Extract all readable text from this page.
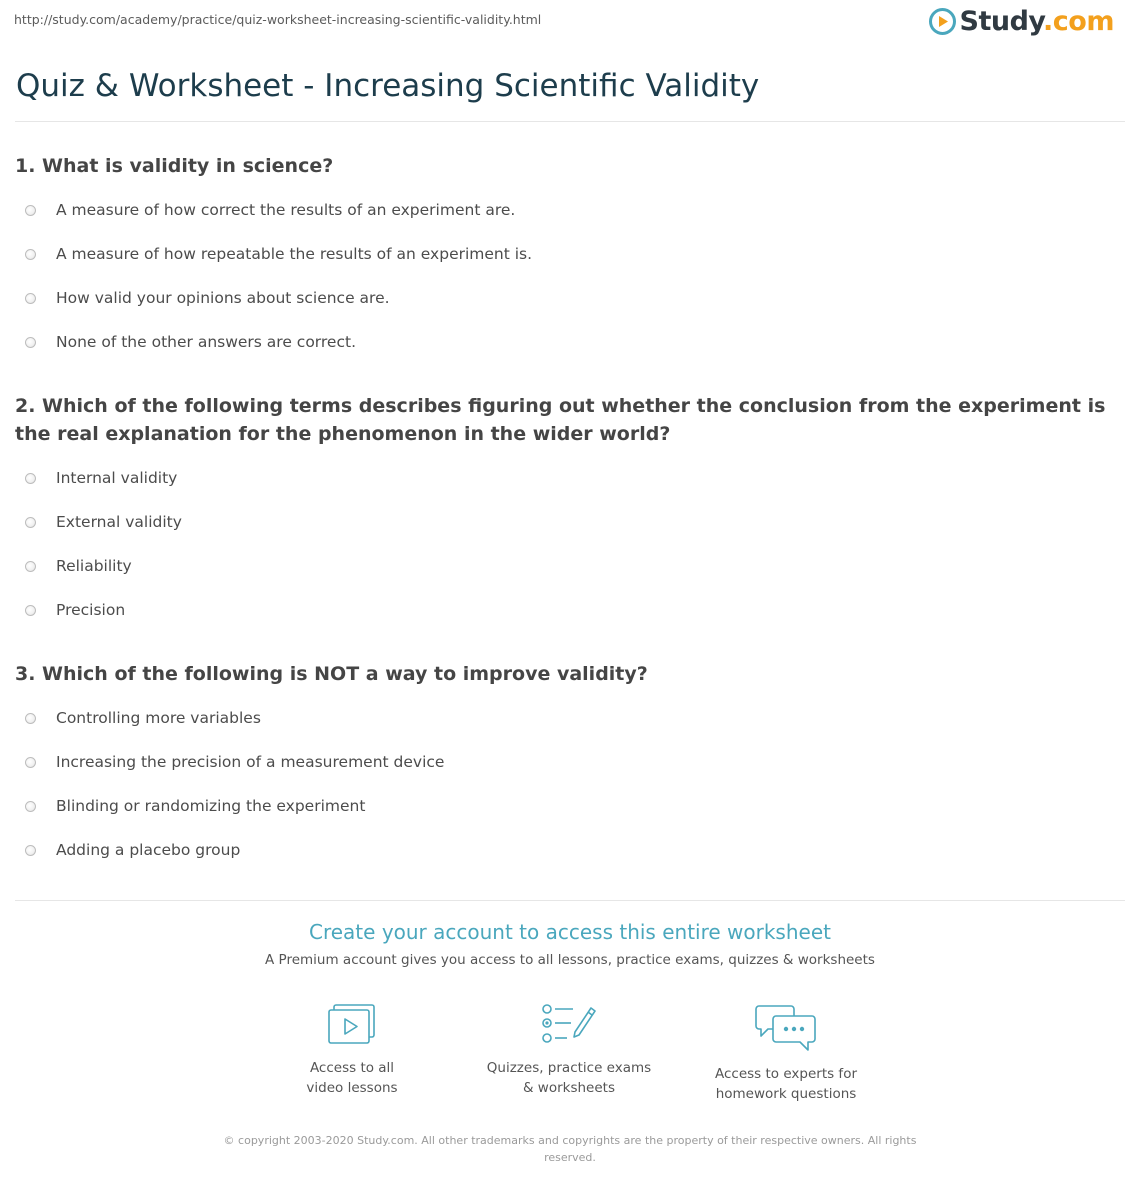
http://study.com/academy/practice/quiz-worksheet-increasing-scientific-validity.html	Study.com
Quiz & Worksheet - Increasing Scientific Validity

1. What is validity in science?

A measure of how correct the results of an experiment are.
A measure of how repeatable the results of an experiment is.
How valid your opinions about science are.
None of the other answers are correct.

2. Which of the following terms describes figuring out whether the conclusion from the experiment is the real explanation for the phenomenon in the wider world?

Internal validity
External validity
Reliability
Precision

3. Which of the following is NOT a way to improve validity?

Controlling more variables
Increasing the precision of a measurement device
Blinding or randomizing the experiment
Adding a placebo group
Create your account to access this entire worksheet
A Premium account gives you access to all lessons, practice exams, quizzes & worksheets
Access to all
video lessons
Quizzes, practice exams
& worksheets
Access to experts for
homework questions
© copyright 2003-2020 Study.com. All other trademarks and copyrights are the property of their respective owners. All rights reserved.
